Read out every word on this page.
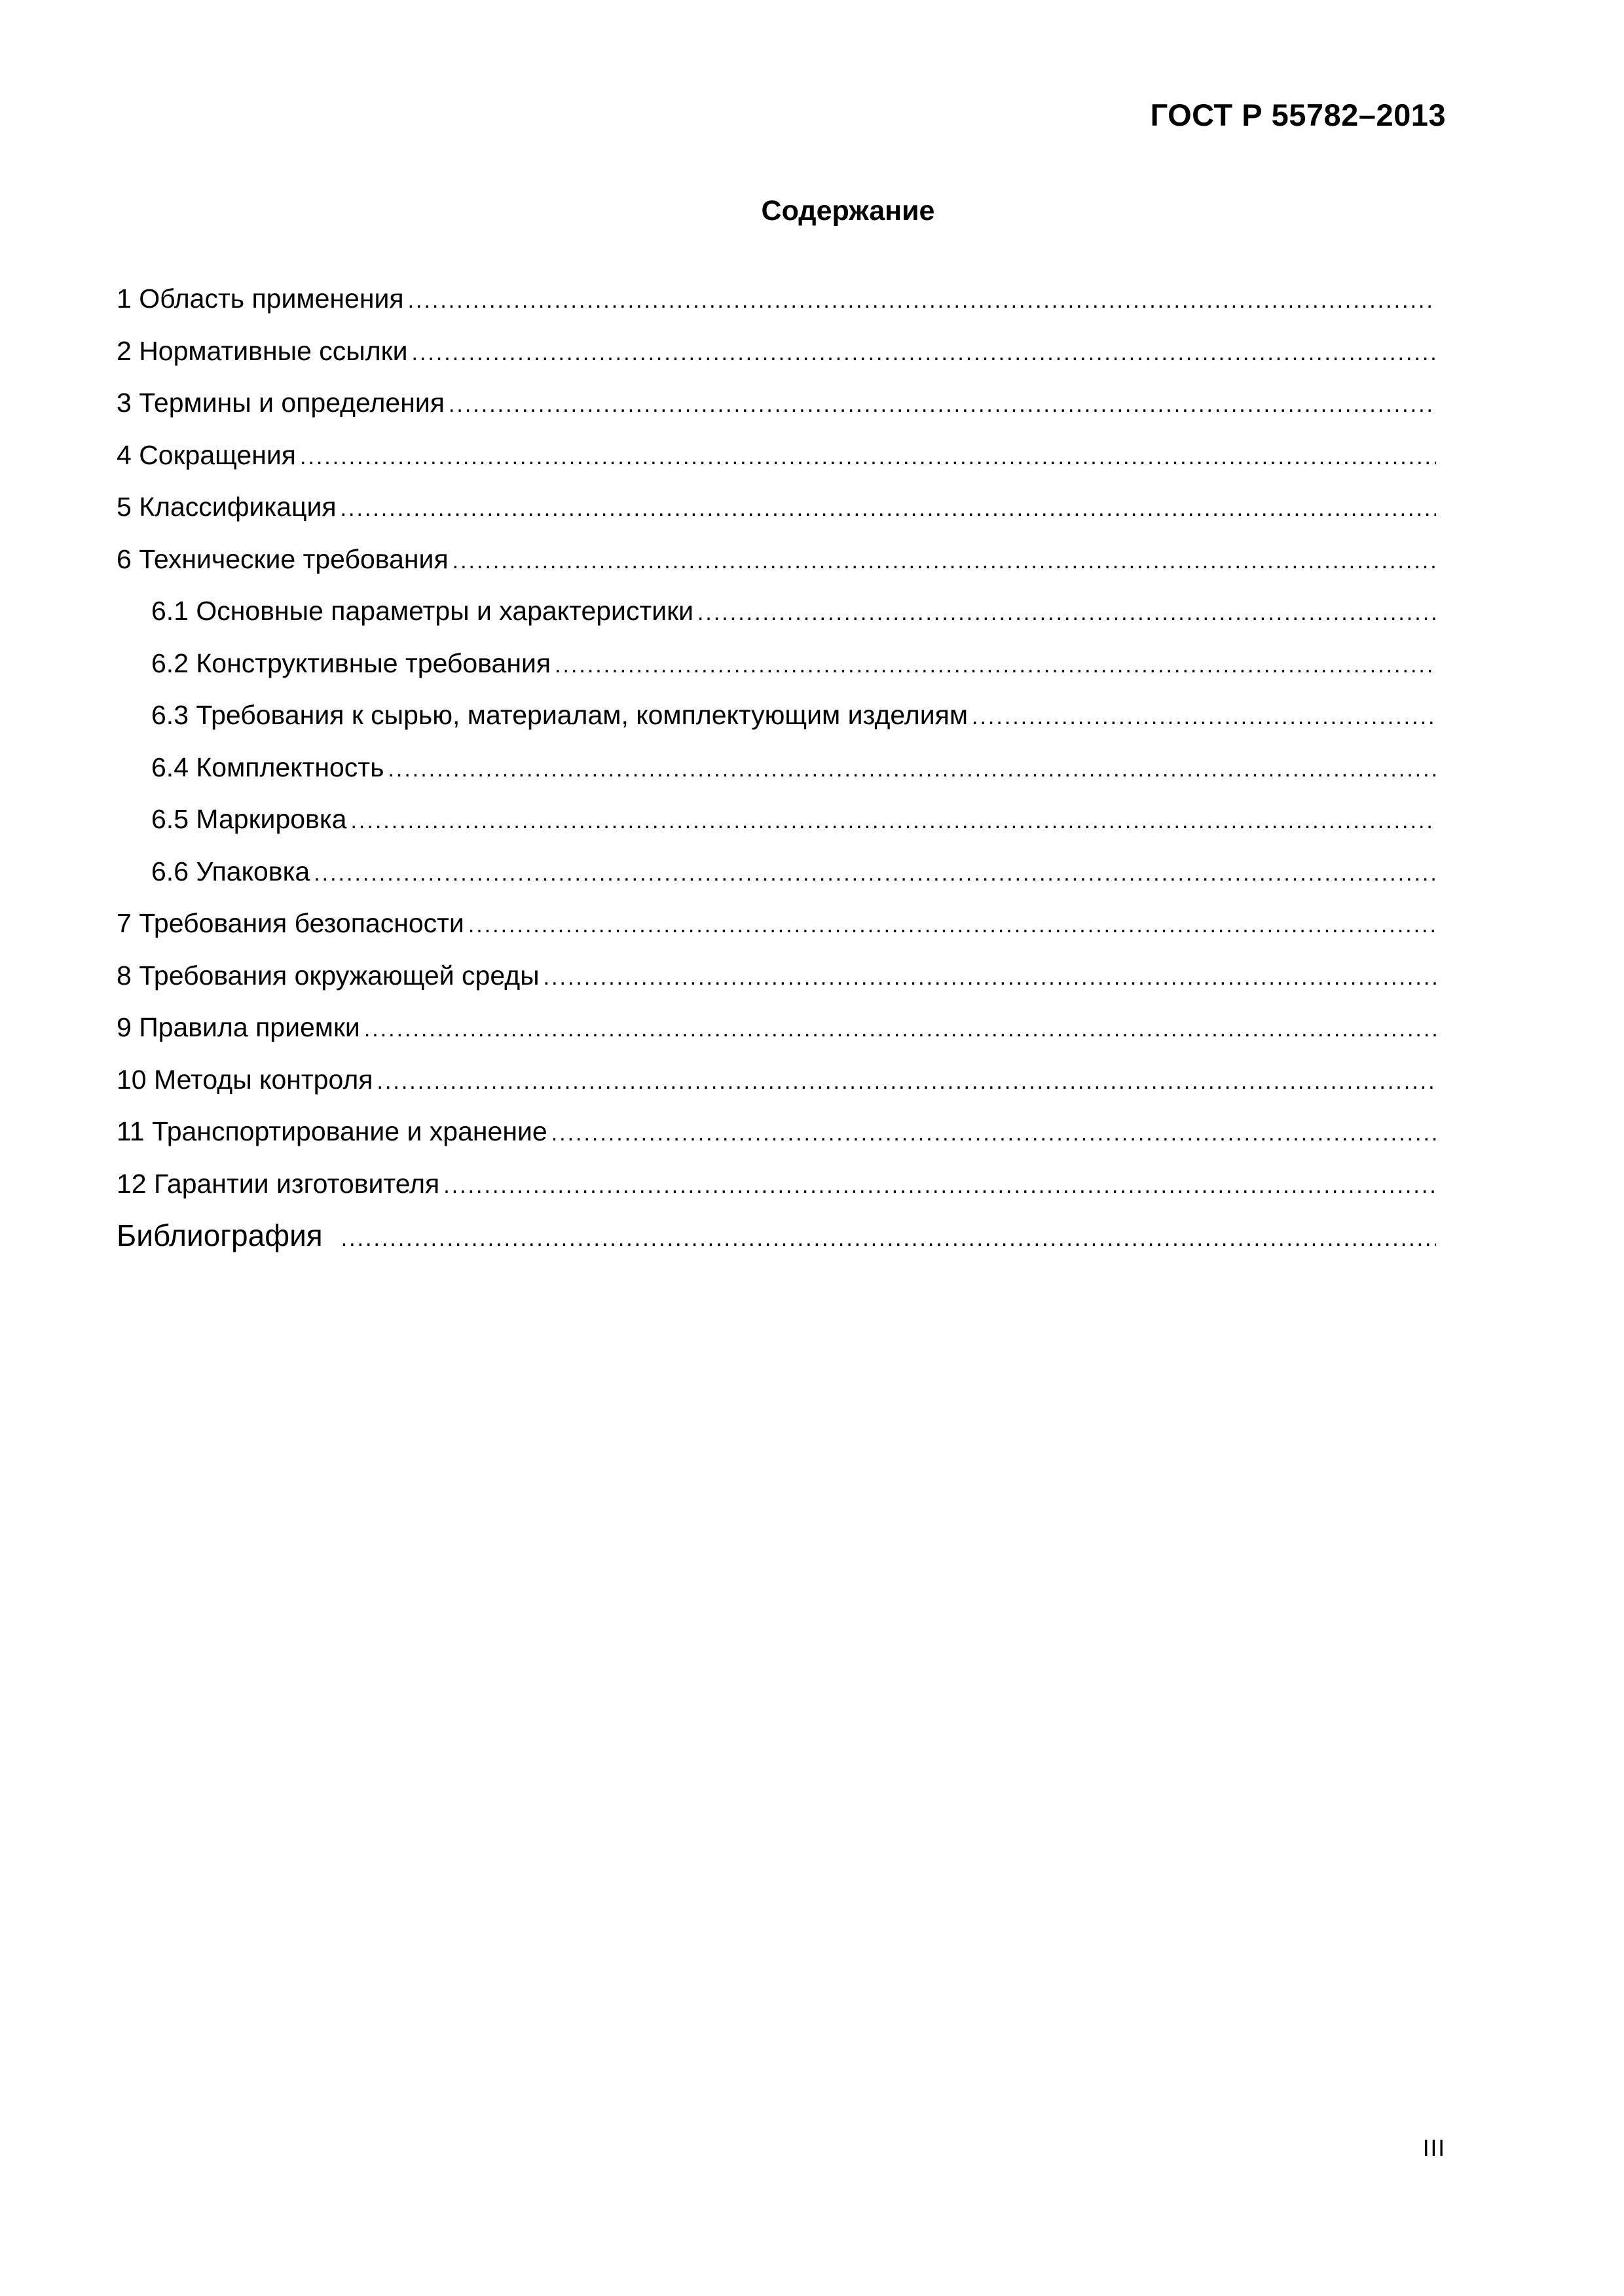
ГОСТ Р 55782–2013
Содержание
1 Область применения
.....
2 Нормативные ссылки
.....
3 Термины и определения
.....
4 Сокращения
.....
5 Классификация
.....
6 Технические требования
.....
6.1 Основные параметры и характеристики
.....
6.2 Конструктивные требования
.....
6.3 Требования к сырью, материалам, комплектующим изделиям
.....
6.4 Комплектность
.....
6.5 Маркировка
.....
6.6 Упаковка
.....
7 Требования безопасности
.....
8 Требования окружающей среды
.....
9 Правила приемки
.....
10 Методы контроля
.....
11 Транспортирование и хранение
.....
12 Гарантии изготовителя
.....
Библиография
.....
III
